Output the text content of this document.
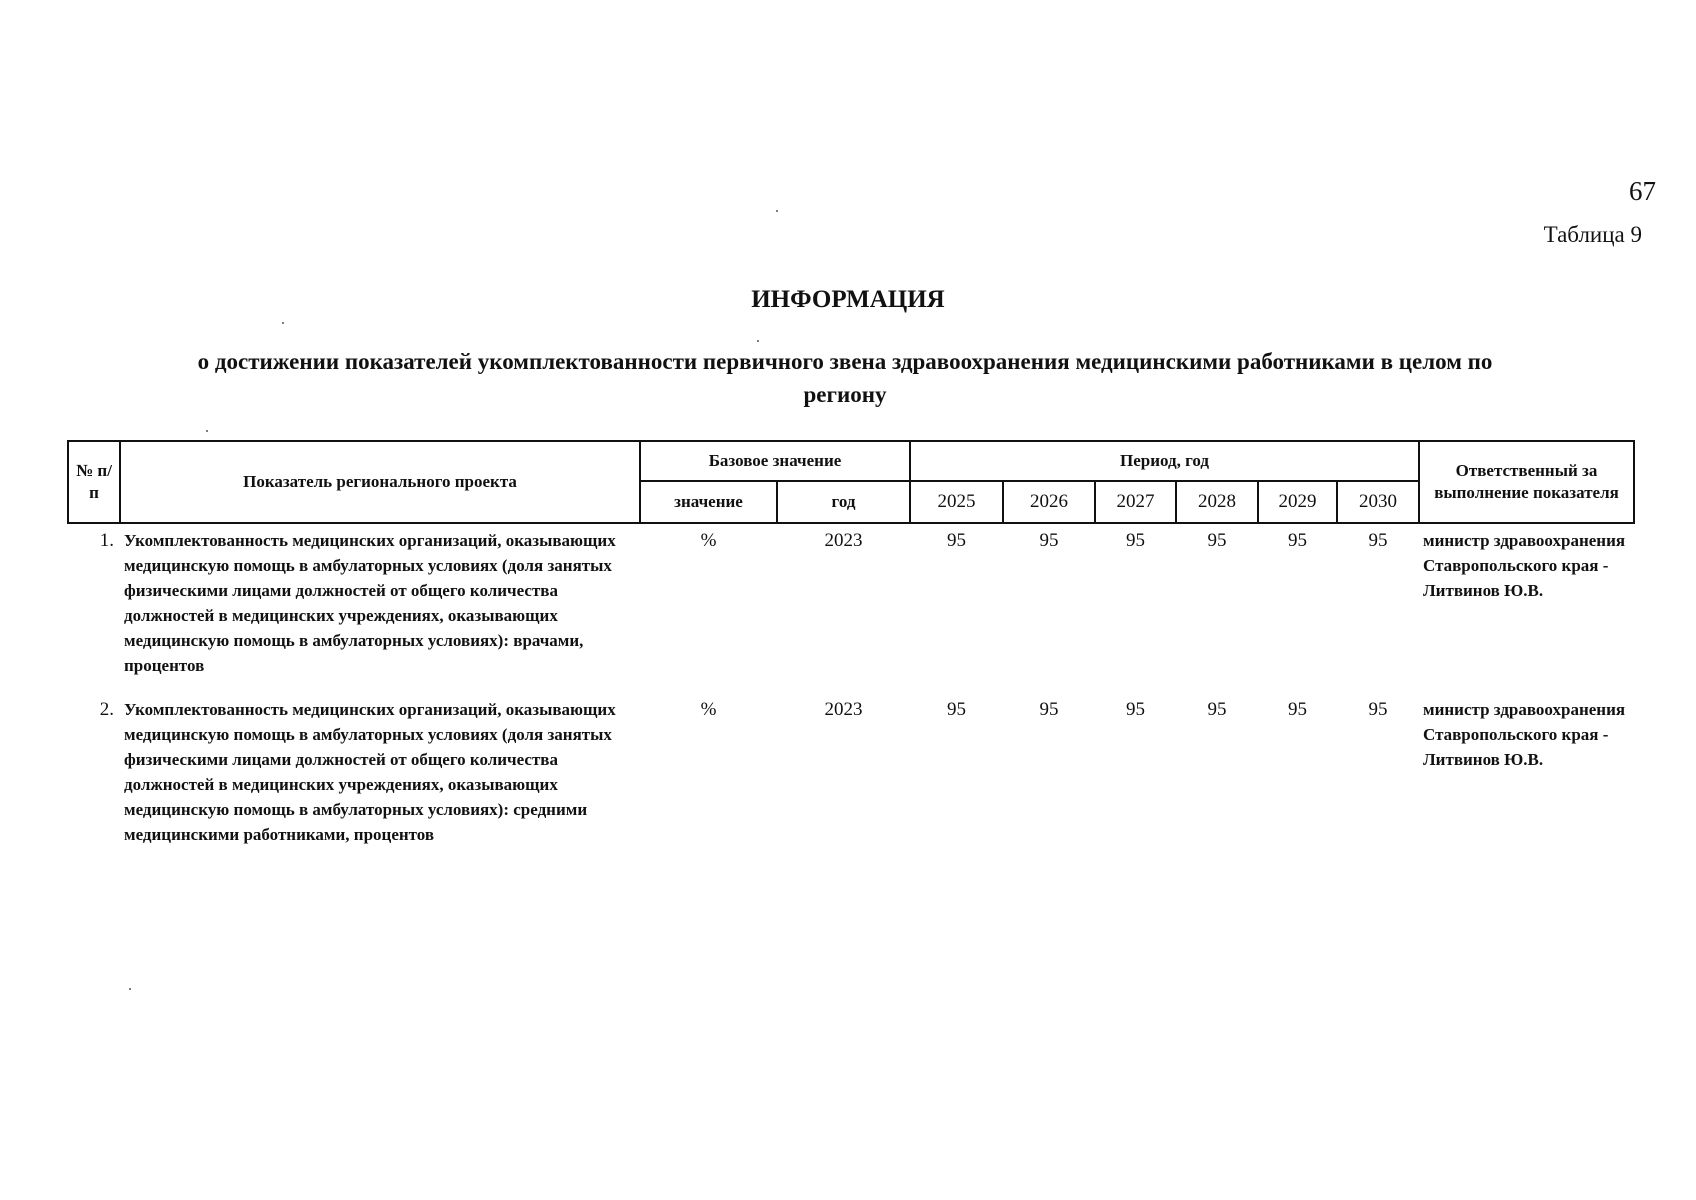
67
Таблица 9
ИНФОРМАЦИЯ
о достижении показателей укомплектованности первичного звена здравоохранения медицинскими работниками в целом по региону
№ п/п	Показатель регионального проекта	Базовое значение		Период, год						Ответственный за выполнение показателя
		значение	год	2025	2026	2027	2028	2029	2030	
1.	Укомплектованность медицинских организаций, оказывающих медицинскую помощь в амбулаторных условиях (доля занятых физическими лицами должностей от общего количества должностей в медицинских учреждениях, оказывающих медицинскую помощь в амбулаторных условиях): врачами, процентов	%	2023	95	95	95	95	95	95	министр здравоохранения Ставропольского края - Литвинов Ю.В.
2.	Укомплектованность медицинских организаций, оказывающих медицинскую помощь в амбулаторных условиях (доля занятых физическими лицами должностей от общего количества должностей в медицинских учреждениях, оказывающих медицинскую помощь в амбулаторных условиях): средними медицинскими работниками, процентов	%	2023	95	95	95	95	95	95	министр здравоохранения Ставропольского края - Литвинов Ю.В.
